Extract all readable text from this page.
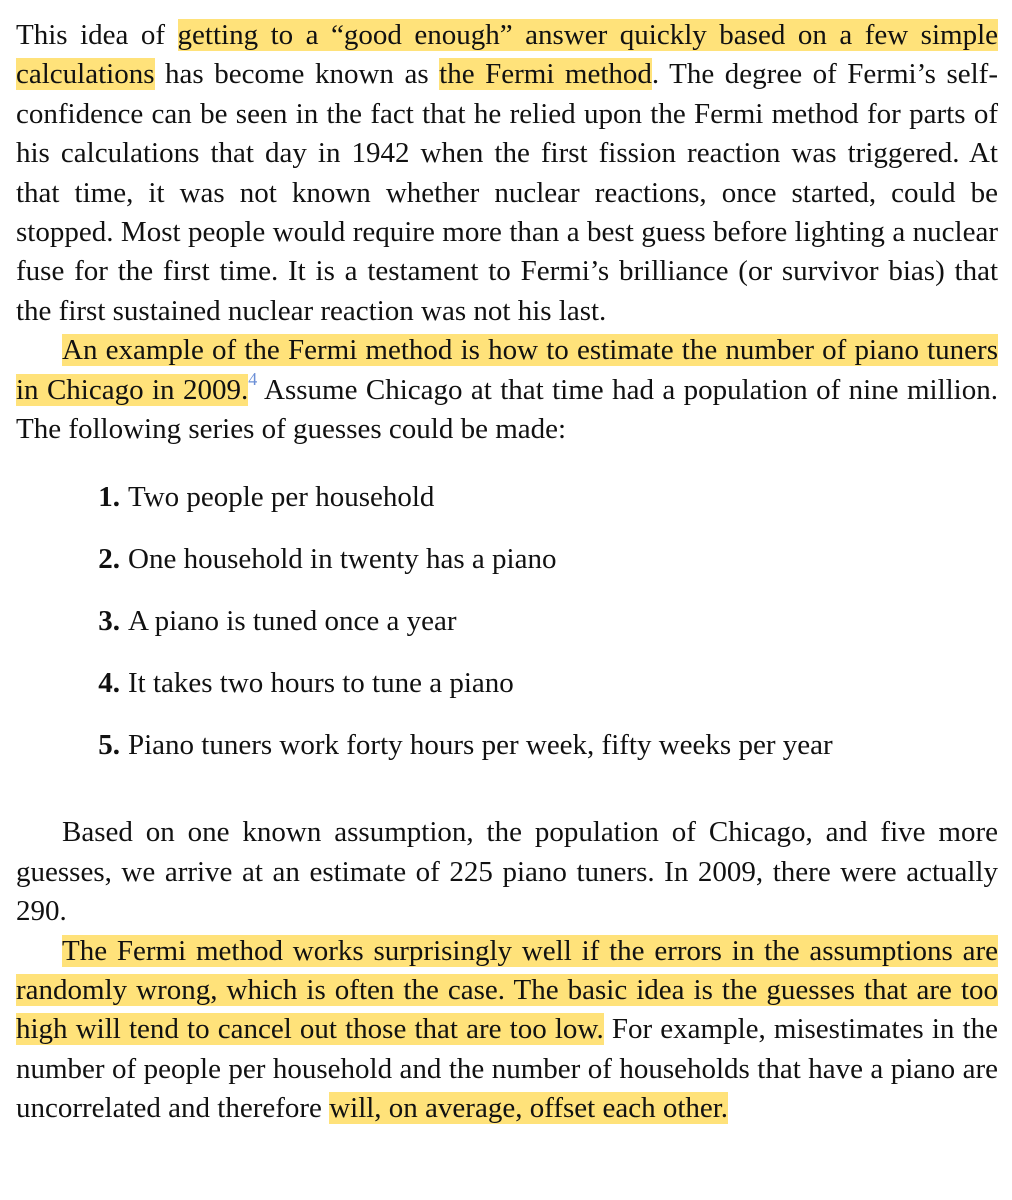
This idea of getting to a “good enough” answer quickly based on a few simple calculations has become known as the Fermi method. The degree of Fermi’s self-confidence can be seen in the fact that he relied upon the Fermi method for parts of his calculations that day in 1942 when the first fission reaction was triggered. At that time, it was not known whether nuclear reactions, once started, could be stopped. Most people would require more than a best guess before lighting a nuclear fuse for the first time. It is a testament to Fermi’s brilliance (or survivor bias) that the first sustained nuclear reaction was not his last.

An example of the Fermi method is how to estimate the number of piano tuners in Chicago in 2009.$^4$ Assume Chicago at that time had a population of nine million. The following series of guesses could be made:

1. Two people per household
2. One household in twenty has a piano
3. A piano is tuned once a year
4. It takes two hours to tune a piano
5. Piano tuners work forty hours per week, fifty weeks per year

Based on one known assumption, the population of Chicago, and five more guesses, we arrive at an estimate of 225 piano tuners. In 2009, there were actually 290.

The Fermi method works surprisingly well if the errors in the assumptions are randomly wrong, which is often the case. The basic idea is the guesses that are too high will tend to cancel out those that are too low. For example, misestimates in the number of people per household and the number of households that have a piano are uncorrelated and therefore will, on average, offset each other.
